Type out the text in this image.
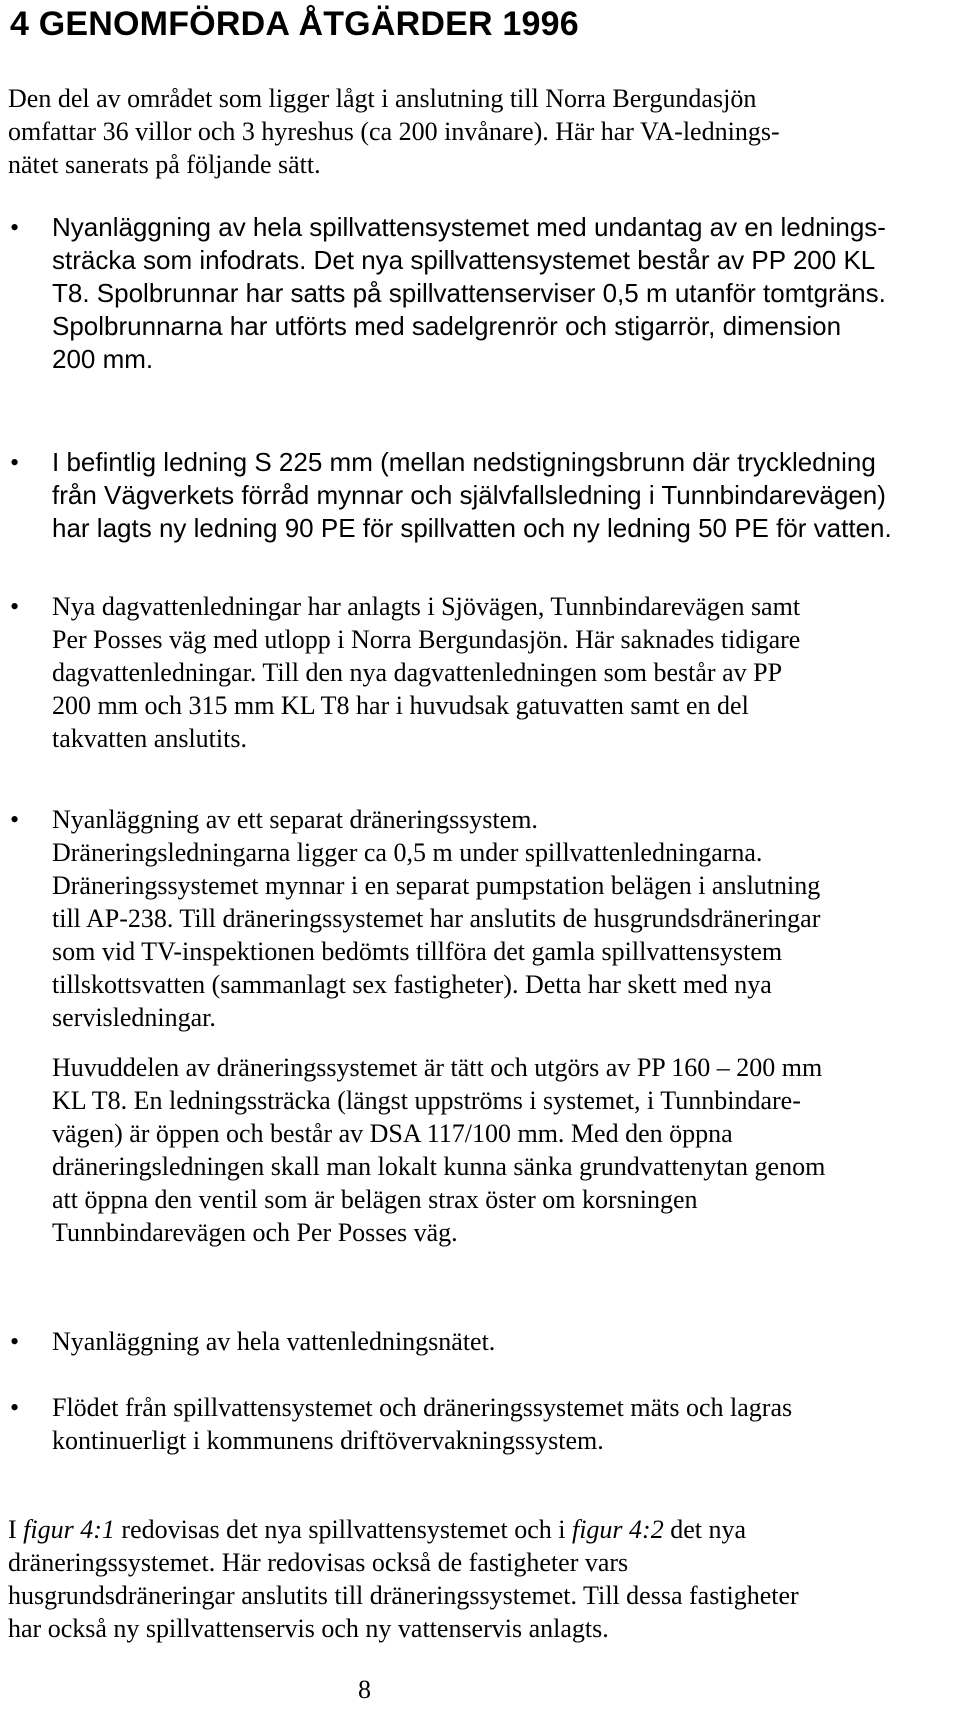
4 GENOMFÖRDA ÅTGÄRDER 1996

Den del av området som ligger lågt i anslutning till Norra Bergundasjön
omfattar 36 villor och 3 hyreshus (ca 200 invånare). Här har VA-lednings-
nätet sanerats på följande sätt.

• Nyanläggning av hela spillvattensystemet med undantag av en lednings-
sträcka som infodrats. Det nya spillvattensystemet består av PP 200 KL
T8. Spolbrunnar har satts på spillvattenserviser 0,5 m utanför tomtgräns.
Spolbrunnarna har utförts med sadelgrenrör och stigarrör, dimension
200 mm.
• I befintlig ledning S 225 mm (mellan nedstigningsbrunn där tryckledning
från Vägverkets förråd mynnar och självfallsledning i Tunnbindarevägen)
har lagts ny ledning 90 PE för spillvatten och ny ledning 50 PE för vatten.
• Nya dagvattenledningar har anlagts i Sjövägen, Tunnbindarevägen samt
Per Posses väg med utlopp i Norra Bergundasjön. Här saknades tidigare
dagvattenledningar. Till den nya dagvattenledningen som består av PP
200 mm och 315 mm KL T8 har i huvudsak gatuvatten samt en del
takvatten anslutits.
• Nyanläggning av ett separat dräneringssystem.
Dräneringsledningarna ligger ca 0,5 m under spillvattenledningarna.
Dräneringssystemet mynnar i en separat pumpstation belägen i anslutning
till AP-238. Till dräneringssystemet har anslutits de husgrundsdräneringar
som vid TV-inspektionen bedömts tillföra det gamla spillvattensystem
tillskottsvatten (sammanlagt sex fastigheter). Detta har skett med nya
servisledningar.
Huvuddelen av dräneringssystemet är tätt och utgörs av PP 160 – 200 mm
KL T8. En ledningssträcka (längst uppströms i systemet, i Tunnbindare-
vägen) är öppen och består av DSA 117/100 mm. Med den öppna
dräneringsledningen skall man lokalt kunna sänka grundvattenytan genom
att öppna den ventil som är belägen strax öster om korsningen
Tunnbindarevägen och Per Posses väg.
• Nyanläggning av hela vattenledningsnätet.
• Flödet från spillvattensystemet och dräneringssystemet mäts och lagras
kontinuerligt i kommunens driftövervakningssystem.

I figur 4:1 redovisas det nya spillvattensystemet och i figur 4:2 det nya
dräneringssystemet. Här redovisas också de fastigheter vars
husgrundsdräneringar anslutits till dräneringssystemet. Till dessa fastigheter
har också ny spillvattenservis och ny vattenservis anlagts.

8
